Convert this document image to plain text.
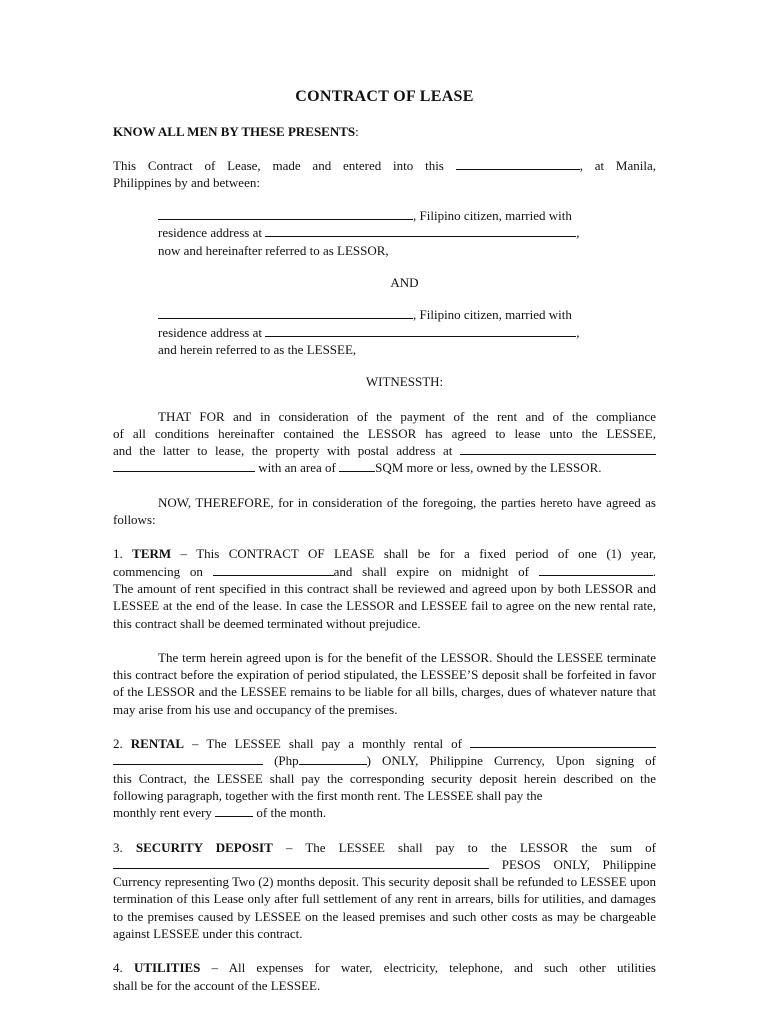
CONTRACT OF LEASE

KNOW ALL MEN BY THESE PRESENTS:

This Contract of Lease, made and entered into this	, at Manila,

Philippines by and between:

, Filipino citizen, married with

residence address at	,

now and hereinafter referred to as LESSOR,

AND

, Filipino citizen, married with

residence address at	,

and herein referred to as the LESSEE,

WITNESSTH:

THAT FOR and in consideration of the payment of the rent and of the compliance

of all conditions hereinafter contained the LESSOR has agreed to lease unto the LESSEE,

and the latter to lease, the property with postal address at

with an area of	SQM more or less, owned by the LESSOR.

NOW, THEREFORE, for in consideration of the foregoing, the parties hereto have agreed as follows:

1. TERM – This CONTRACT OF LEASE shall be for a fixed period of one (1) year,

commencing on	and shall expire on midnight of	.

The amount of rent specified in this contract shall be reviewed and agreed upon by both LESSOR and LESSEE at the end of the lease. In case the LESSOR and LESSEE fail to agree on the new rental rate, this contract shall be deemed terminated without prejudice.

The term herein agreed upon is for the benefit of the LESSOR. Should the LESSEE terminate this contract before the expiration of period stipulated, the LESSEE’S deposit shall be forfeited in favor of the LESSOR and the LESSEE remains to be liable for all bills, charges, dues of whatever nature that may arise from his use and occupancy of the premises.

2. RENTAL – The LESSEE shall pay a monthly rental of

(Php	) ONLY, Philippine Currency, Upon signing of

this Contract, the LESSEE shall pay the corresponding security deposit herein described on the following paragraph, together with the first month rent. The LESSEE shall pay the

monthly rent every	of the month.

3. SECURITY DEPOSIT – The LESSEE shall pay to the LESSOR the sum of

PESOS ONLY, Philippine

Currency representing Two (2) months deposit. This security deposit shall be refunded to LESSEE upon termination of this Lease only after full settlement of any rent in arrears, bills for utilities, and damages to the premises caused by LESSEE on the leased premises and such other costs as may be chargeable against LESSEE under this contract.

4. UTILITIES – All expenses for water, electricity, telephone, and such other utilities

shall be for the account of the LESSEE.
